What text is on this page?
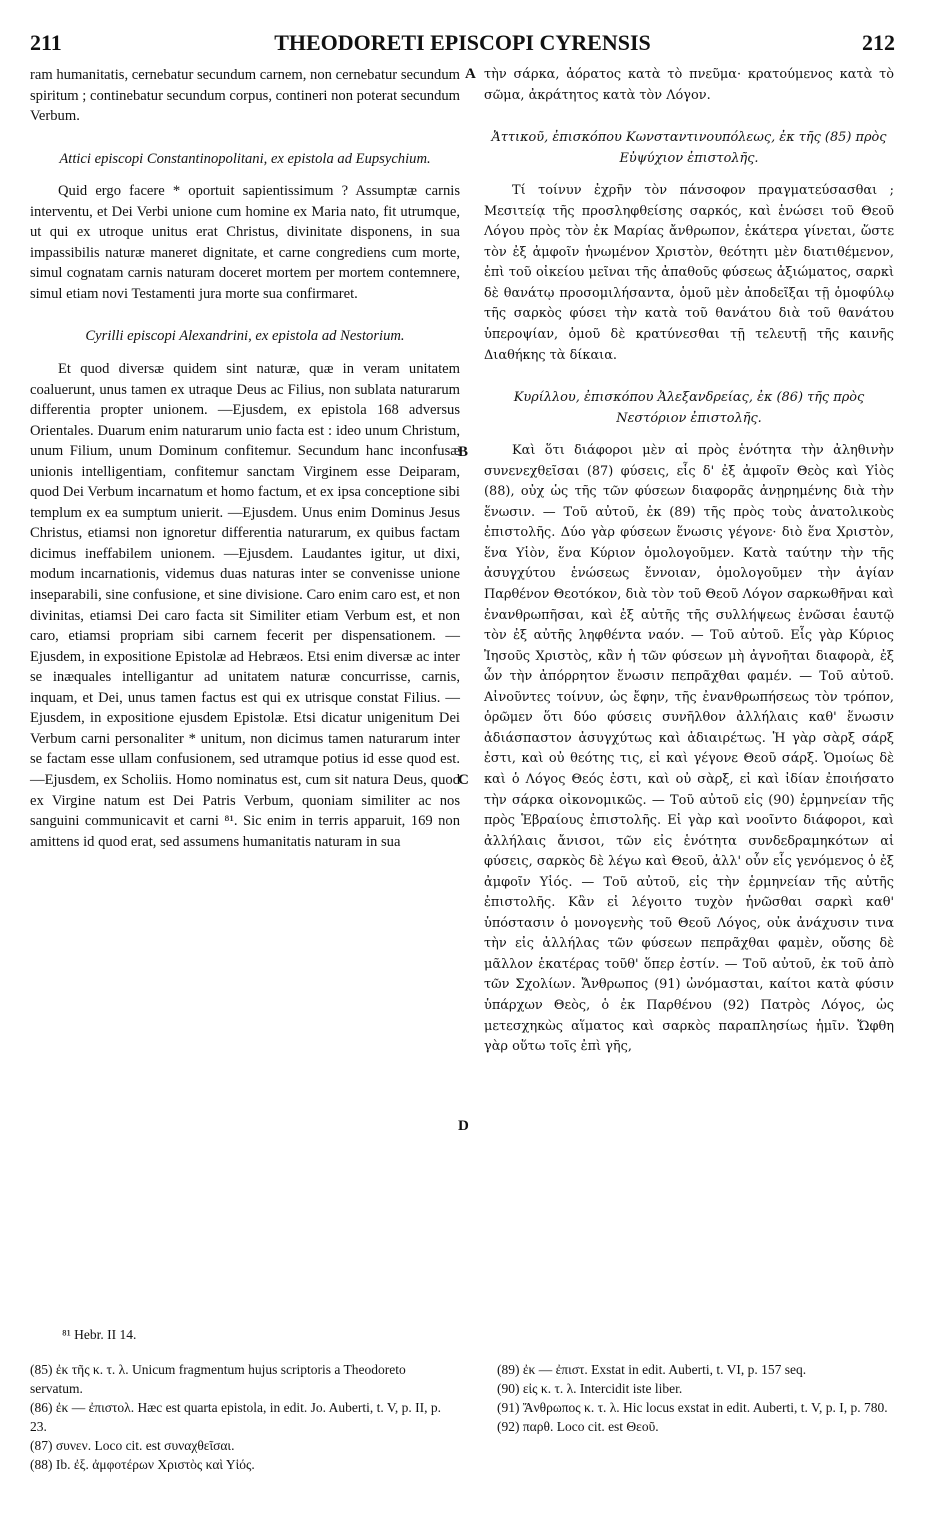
211	THEODORETI EPISCOPI CYRENSIS	212

ram humanitatis, cernebatur secundum carnem, non cernebatur secundum spiritum ; continebatur secundum corpus, contineri non poterat secundum Verbum.

Attici episcopi Constantinopolitani, ex epistola ad Eupsychium.

Quid ergo facere * oportuit sapientissimum ? Assumptæ carnis interventu, et Dei Verbi unione cum homine ex Maria nato, fit utrumque, ut qui ex utroque unitus erat Christus, divinitate disponens, in sua impassibilis naturæ maneret dignitate, et carne congrediens cum morte, simul cognatam carnis naturam doceret mortem per mortem contemnere, simul etiam novi Testamenti jura morte sua confirmaret.

Cyrilli episcopi Alexandrini, ex epistola ad Nestorium.

Et quod diversæ quidem sint naturæ, quæ in veram unitatem coaluerunt, unus tamen ex utraque Deus ac Filius, non sublata naturarum differentia propter unionem. —Ejusdem, ex epistola 168 adversus Orientales. Duarum enim naturarum unio facta est : ideo unum Christum, unum Filium, unum Dominum confitemur. Secundum hanc inconfusæ unionis intelligentiam, confitemur sanctam Virginem esse Deiparam, quod Dei Verbum incarnatum et homo factum, et ex ipsa conceptione sibi templum ex ea sumptum unierit. —Ejusdem. Unus enim Dominus Jesus Christus, etiamsi non ignoretur differentia naturarum, ex quibus factam dicimus ineffabilem unionem. —Ejusdem. Laudantes igitur, ut dixi, modum incarnationis, videmus duas naturas inter se convenisse unione inseparabili, sine confusione, et sine divisione. Caro enim caro est, et non divinitas, etiamsi Dei caro facta sit Similiter etiam Verbum est, et non caro, etiamsi propriam sibi carnem fecerit per dispensationem. —Ejusdem, in expositione Epistolæ ad Hebræos. Etsi enim diversæ ac inter se inæquales intelligantur ad unitatem naturæ concurrisse, carnis, inquam, et Dei, unus tamen factus est qui ex utrisque constat Filius. —Ejusdem, in expositione ejusdem Epistolæ. Etsi dicatur unigenitum Dei Verbum carni personaliter * unitum, non dicimus tamen naturarum inter se factam esse ullam confusionem, sed utramque potius id esse quod est. —Ejusdem, ex Scholiis. Homo nominatus est, cum sit natura Deus, quod ex Virgine natum est Dei Patris Verbum, quoniam similiter ac nos sanguini communicavit et carni ⁸¹. Sic enim in terris apparuit, 169 non amittens id quod erat, sed assumens humanitatis naturam in sua

τὴν σάρκα, ἀόρατος κατὰ τὸ πνεῦμα· κρατούμενος κατὰ τὸ σῶμα, ἀκράτητος κατὰ τὸν Λόγον.

Ἀττικοῦ, ἐπισκόπου Κωνσταντινουπόλεως, ἐκ τῆς (85) πρὸς Εὐψύχιον ἐπιστολῆς.

Τί τοίνυν ἐχρῆν τὸν πάνσοφον πραγματεύσασθαι ; Μεσιτείᾳ τῆς προσληφθείσης σαρκός, καὶ ἑνώσει τοῦ Θεοῦ Λόγου πρὸς τὸν ἐκ Μαρίας ἄνθρωπον, ἑκάτερα γίνεται, ὥστε τὸν ἐξ ἀμφοῖν ἡνωμένον Χριστὸν, θεότητι μὲν διατιθέμενον, ἐπὶ τοῦ οἰκείου μεῖναι τῆς ἀπαθοῦς φύσεως ἀξιώματος, σαρκὶ δὲ θανάτῳ προσομιλήσαντα, ὁμοῦ μὲν ἀποδεῖξαι τῇ ὁμοφύλῳ τῆς σαρκὸς φύσει τὴν κατὰ τοῦ θανάτου διὰ τοῦ θανάτου ὑπεροψίαν, ὁμοῦ δὲ κρατύνεσθαι τῇ τελευτῇ τῆς καινῆς Διαθήκης τὰ δίκαια.

Κυρίλλου, ἐπισκόπου Ἀλεξανδρείας, ἐκ (86) τῆς πρὸς Νεστόριον ἐπιστολῆς.

Καὶ ὅτι διάφοροι μὲν αἱ πρὸς ἑνότητα τὴν ἀληθινὴν συνενεχθεῖσαι (87) φύσεις, εἷς δ' ἐξ ἀμφοῖν Θεὸς καὶ Υἱὸς (88), οὐχ ὡς τῆς τῶν φύσεων διαφορᾶς ἀνῃρημένης διὰ τὴν ἕνωσιν. — Τοῦ αὐτοῦ, ἐκ (89) τῆς πρὸς τοὺς ἀνατολικοὺς ἐπιστολῆς. Δύο γὰρ φύσεων ἕνωσις γέγονε· διὸ ἕνα Χριστὸν, ἕνα Υἱὸν, ἕνα Κύριον ὁμολογοῦμεν. Κατὰ ταύτην τὴν τῆς ἀσυγχύτου ἑνώσεως ἔννοιαν, ὁμολογοῦμεν τὴν ἁγίαν Παρθένον Θεοτόκον, διὰ τὸν τοῦ Θεοῦ Λόγον σαρκωθῆναι καὶ ἐνανθρωπῆσαι, καὶ ἐξ αὐτῆς τῆς συλλήψεως ἑνῶσαι ἑαυτῷ τὸν ἐξ αὐτῆς ληφθέντα ναόν. — Τοῦ αὐτοῦ. Εἷς γὰρ Κύριος Ἰησοῦς Χριστὸς, κἂν ἡ τῶν φύσεων μὴ ἀγνοῆται διαφορὰ, ἐξ ὧν τὴν ἀπόρρητον ἕνωσιν πεπρᾶχθαι φαμέν. — Τοῦ αὐτοῦ. Αἰνοῦντες τοίνυν, ὡς ἔφην, τῆς ἐνανθρωπήσεως τὸν τρόπον, ὁρῶμεν ὅτι δύο φύσεις συνῆλθον ἀλλήλαις καθ' ἕνωσιν ἀδιάσπαστον ἀσυγχύτως καὶ ἀδιαιρέτως. Ἡ γὰρ σὰρξ σάρξ ἐστι, καὶ οὐ θεότης τις, εἰ καὶ γέγονε Θεοῦ σάρξ. Ὁμοίως δὲ καὶ ὁ Λόγος Θεός ἐστι, καὶ οὐ σὰρξ, εἰ καὶ ἰδίαν ἐποιήσατο τὴν σάρκα οἰκονομικῶς. — Τοῦ αὐτοῦ εἰς (90) ἑρμηνείαν τῆς πρὸς Ἑβραίους ἐπιστολῆς. Εἰ γὰρ καὶ νοοῖντο διάφοροι, καὶ ἀλλήλαις ἄνισοι, τῶν εἰς ἑνότητα συνδεδραμηκότων αἱ φύσεις, σαρκὸς δὲ λέγω καὶ Θεοῦ, ἀλλ' οὖν εἷς γενόμενος ὁ ἐξ ἀμφοῖν Υἱός. — Τοῦ αὐτοῦ, εἰς τὴν ἑρμηνείαν τῆς αὐτῆς ἐπιστολῆς. Κἂν εἰ λέγοιτο τυχὸν ἡνῶσθαι σαρκὶ καθ' ὑπόστασιν ὁ μονογενὴς τοῦ Θεοῦ Λόγος, οὐκ ἀνάχυσιν τινα τὴν εἰς ἀλλήλας τῶν φύσεων πεπρᾶχθαι φαμὲν, οὔσης δὲ μᾶλλον ἑκατέρας τοῦθ' ὅπερ ἐστίν. — Τοῦ αὐτοῦ, ἐκ τοῦ ἀπὸ τῶν Σχολίων. Ἄνθρωπος (91) ὠνόμασται, καίτοι κατὰ φύσιν ὑπάρχων Θεὸς, ὁ ἐκ Παρθένου (92) Πατρὸς Λόγος, ὡς μετεσχηκὼς αἵματος καὶ σαρκὸς παραπλησίως ἡμῖν. Ὤφθη γὰρ οὕτω τοῖς ἐπὶ γῆς,

A
B
C
D

⁸¹ Hebr. II 14.

(85) ἐκ τῆς κ. τ. λ. Unicum fragmentum hujus scriptoris a Theodoreto servatum.

(86) ἐκ — ἐπιστολ. Hæc est quarta epistola, in edit. Jo. Auberti, t. V, p. II, p. 23.

(87) συνεν. Loco cit. est συναχθεῖσαι.

(88) Ib. ἐξ. ἀμφοτέρων Χριστὸς καὶ Υἱός.

(89) ἐκ — ἐπιστ. Exstat in edit. Auberti, t. VI, p. 157 seq.

(90) εἰς κ. τ. λ. Intercidit iste liber.

(91) Ἄνθρωπος κ. τ. λ. Hic locus exstat in edit. Auberti, t. V, p. I, p. 780.

(92) παρθ. Loco cit. est Θεοῦ.
